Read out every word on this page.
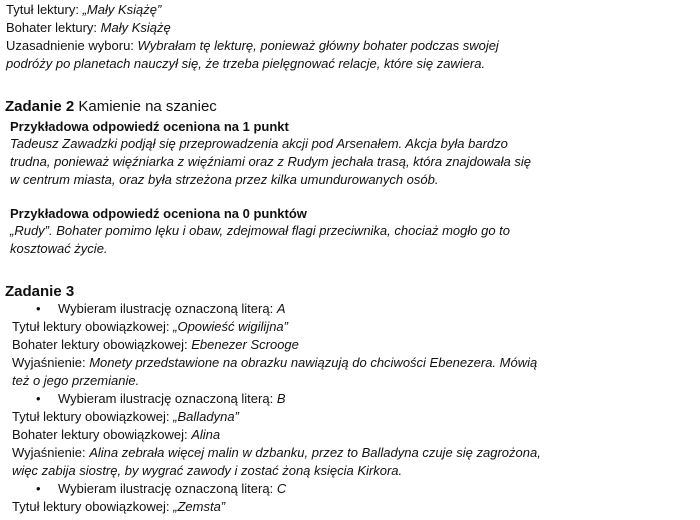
Tytuł lektury: „Mały Książę”
Bohater lektury: Mały Książę
Uzasadnienie wyboru: Wybrałam tę lekturę, ponieważ główny bohater podczas swojej
podróży po planetach nauczył się, że trzeba pielęgnować relacje, które się zawiera.
Zadanie 2 Kamienie na szaniec
Przykładowa odpowiedź oceniona na 1 punkt
Tadeusz Zawadzki podjął się przeprowadzenia akcji pod Arsenałem. Akcja była bardzo
trudna, ponieważ więźniarka z więźniami oraz z Rudym jechała trasą, która znajdowała się
w centrum miasta, oraz była strzeżona przez kilka umundurowanych osób.
Przykładowa odpowiedź oceniona na 0 punktów
„Rudy”. Bohater pomimo lęku i obaw, zdejmował flagi przeciwnika, chociaż mogło go to
kosztować życie.
Zadanie 3
• Wybieram ilustrację oznaczoną literą: A
Tytuł lektury obowiązkowej: „Opowieść wigilijna”
Bohater lektury obowiązkowej: Ebenezer Scrooge
Wyjaśnienie: Monety przedstawione na obrazku nawiązują do chciwości Ebenezera. Mówią
też o jego przemianie.
• Wybieram ilustrację oznaczoną literą: B
Tytuł lektury obowiązkowej: „Balladyna”
Bohater lektury obowiązkowej: Alina
Wyjaśnienie: Alina zebrała więcej malin w dzbanku, przez to Balladyna czuje się zagrożona,
więc zabija siostrę, by wygrać zawody i zostać żoną księcia Kirkora.
• Wybieram ilustrację oznaczoną literą: C
Tytuł lektury obowiązkowej: „Zemsta”
